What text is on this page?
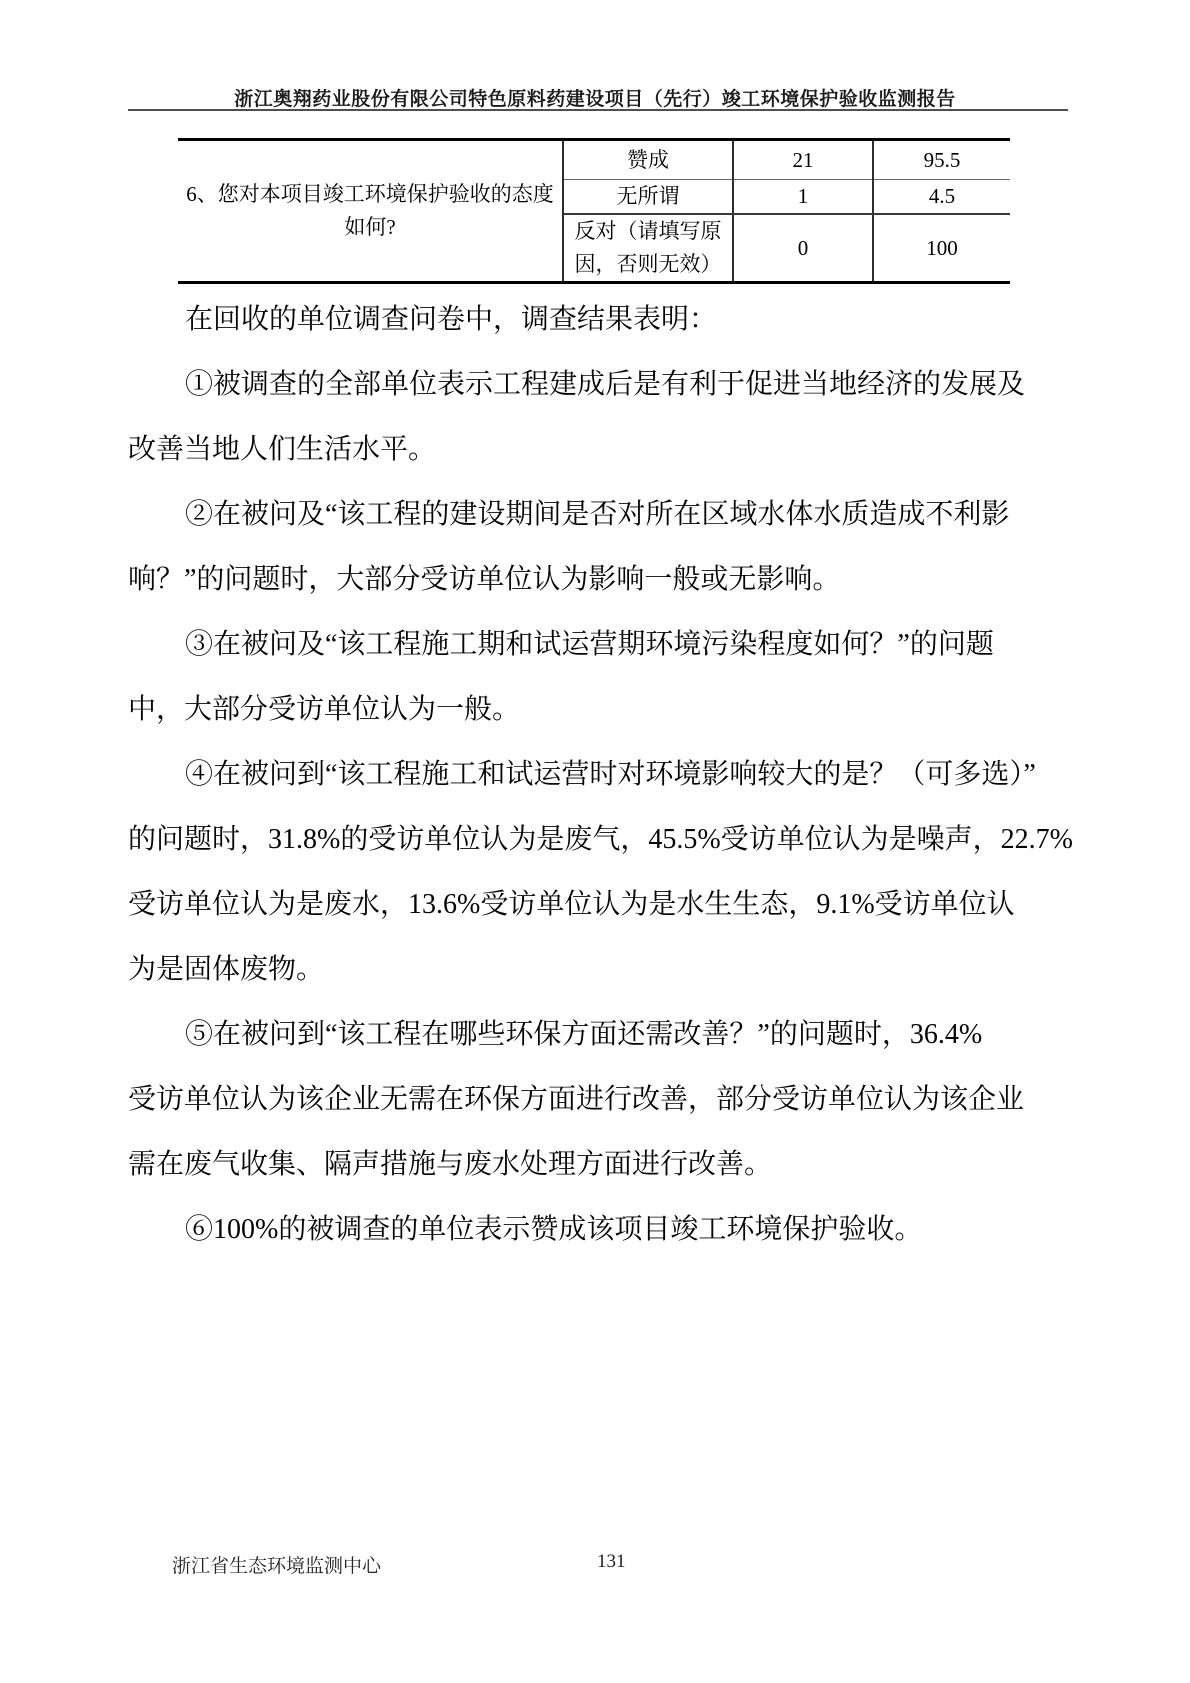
浙江奥翔药业股份有限公司特色原料药建设项目（先行）竣工环境保护验收监测报告
6、您对本项目竣工环境保护验收的态度如何?	赞成	21	95.5
	无所谓	1	4.5
	反对（请填写原因，否则无效）	0	100
在回收的单位调查问卷中，调查结果表明：
①被调查的全部单位表示工程建成后是有利于促进当地经济的发展及
改善当地人们生活水平。
②在被问及“该工程的建设期间是否对所在区域水体水质造成不利影
响？”的问题时，大部分受访单位认为影响一般或无影响。
③在被问及“该工程施工期和试运营期环境污染程度如何？”的问题
中，大部分受访单位认为一般。
④在被问到“该工程施工和试运营时对环境影响较大的是？（可多选）”
的问题时，31.8%的受访单位认为是废气，45.5%受访单位认为是噪声，22.7%
受访单位认为是废水，13.6%受访单位认为是水生生态，9.1%受访单位认
为是固体废物。
⑤在被问到“该工程在哪些环保方面还需改善？”的问题时，36.4%
受访单位认为该企业无需在环保方面进行改善，部分受访单位认为该企业
需在废气收集、隔声措施与废水处理方面进行改善。
⑥100%的被调查的单位表示赞成该项目竣工环境保护验收。
浙江省生态环境监测中心	131
